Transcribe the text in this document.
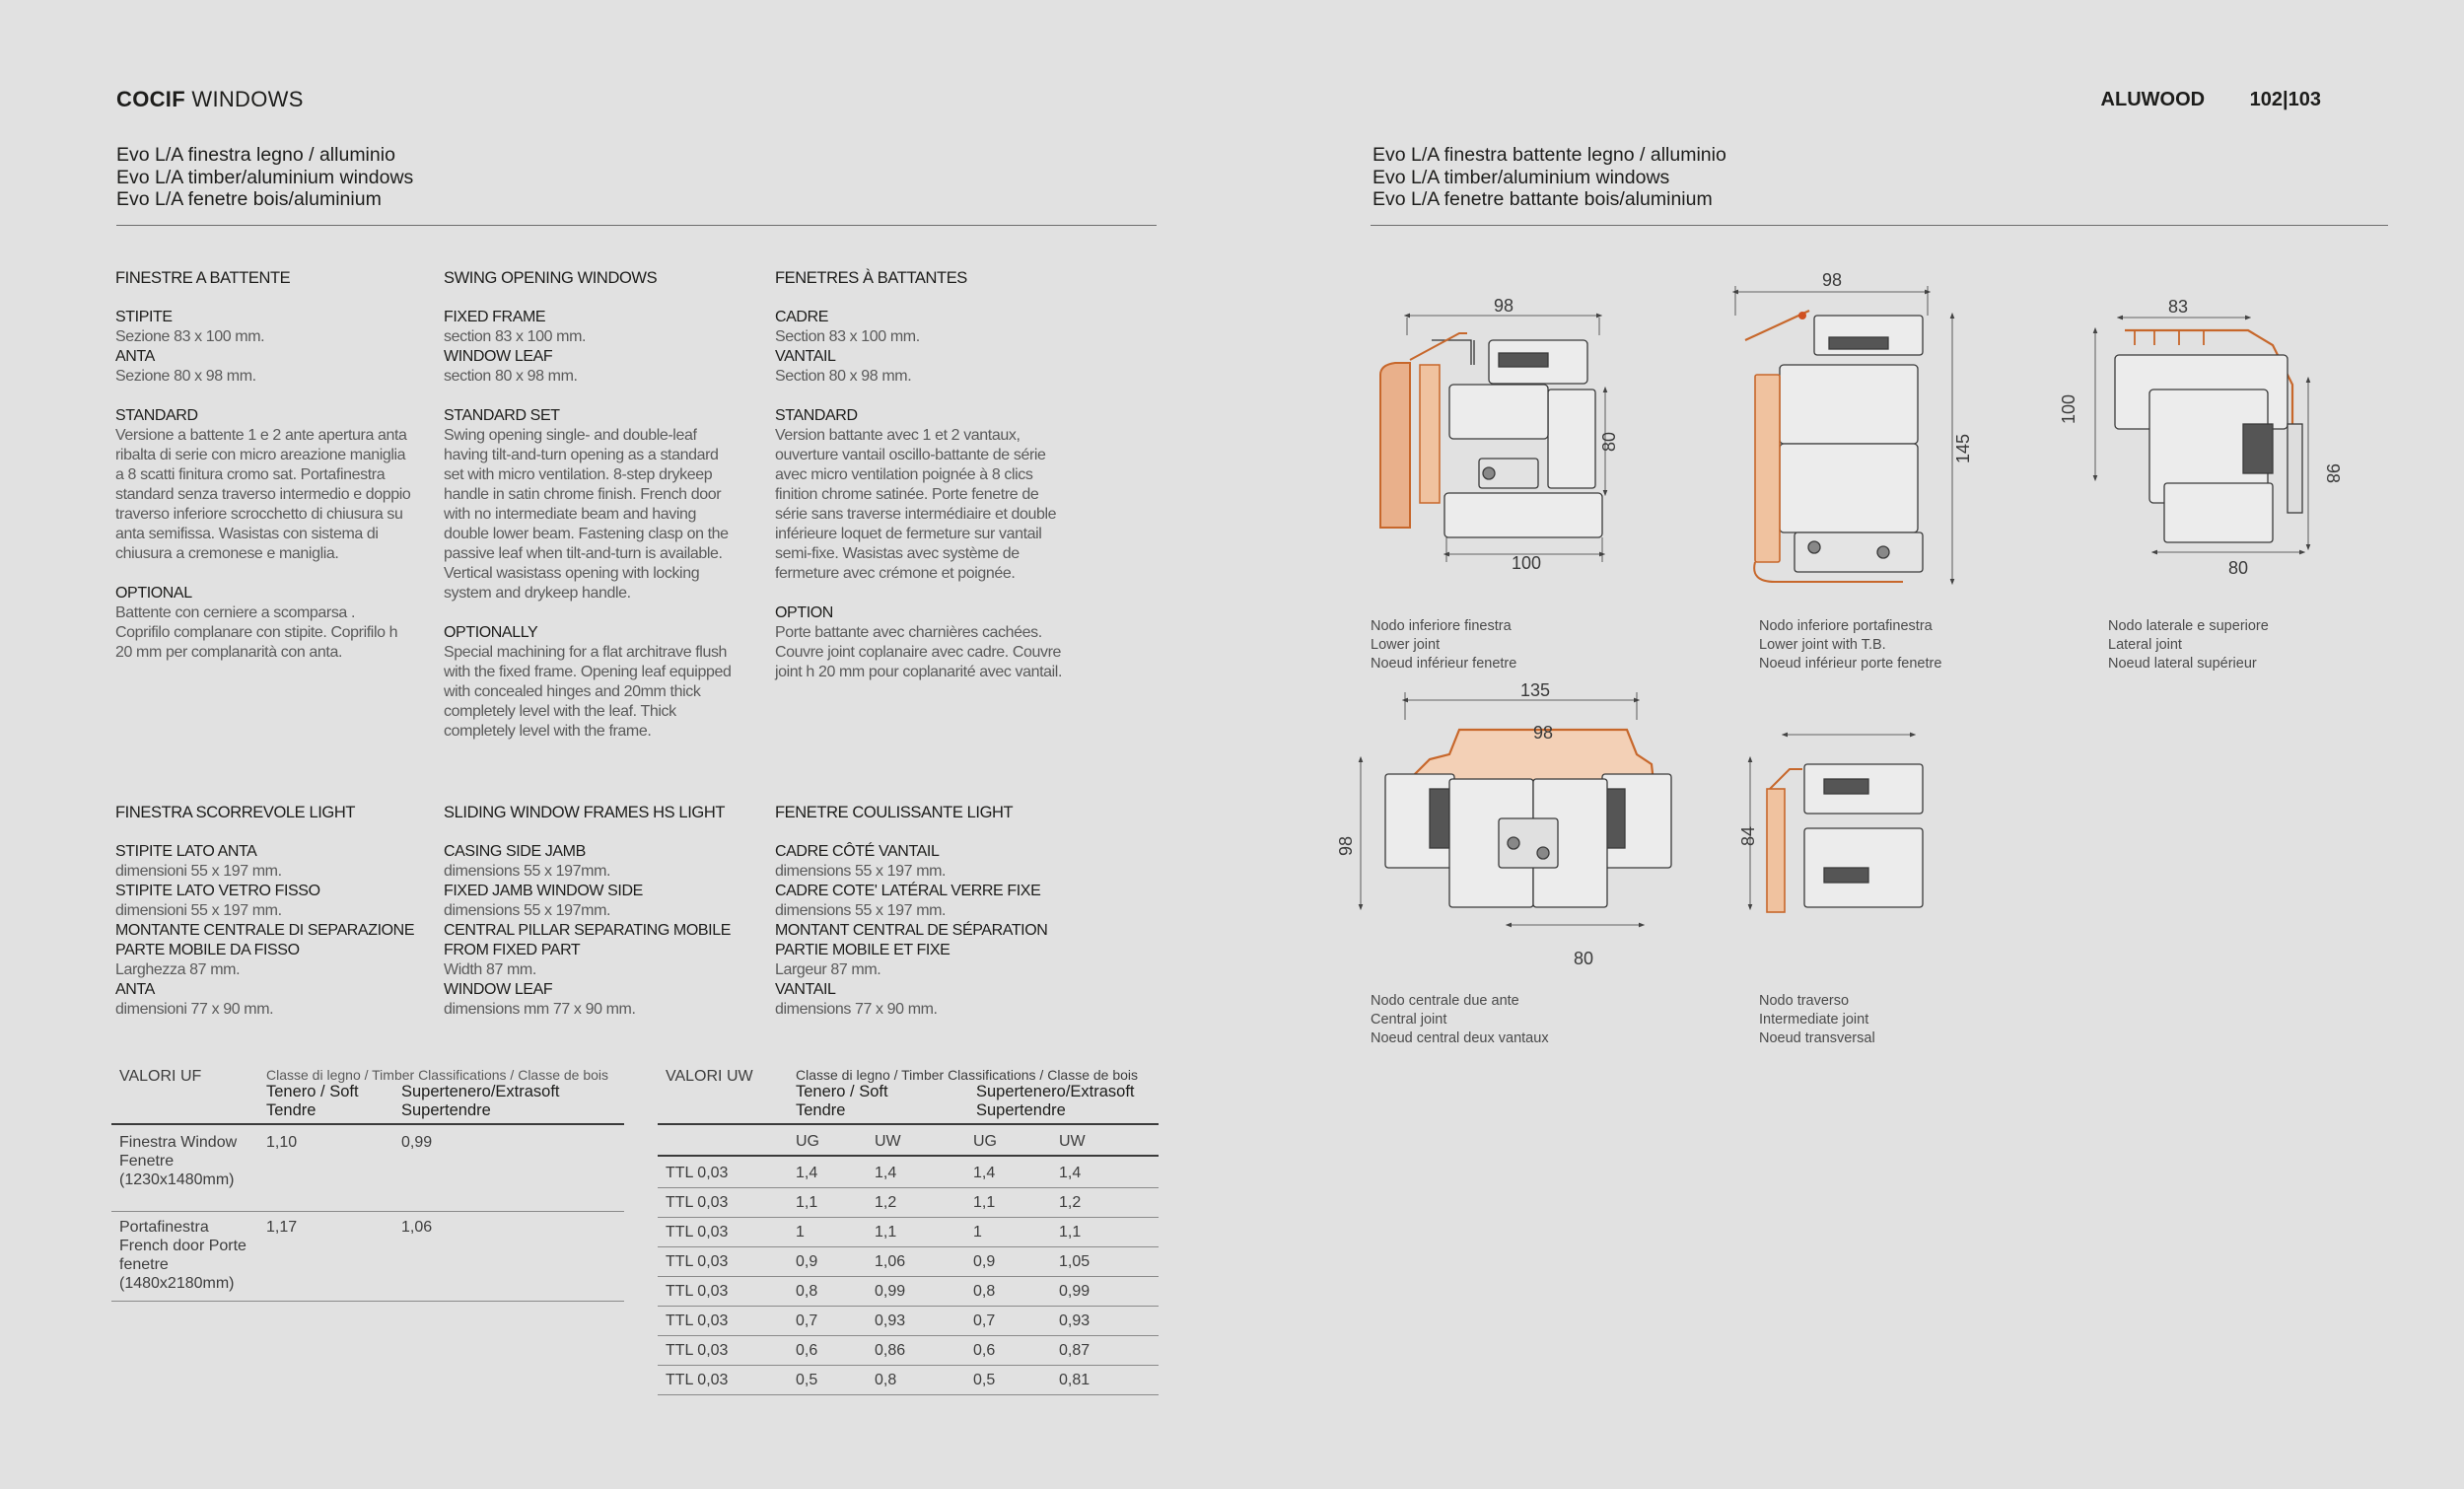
COCIF WINDOWS	ALUWOOD 102|103
Evo L/A finestra legno / alluminio
Evo L/A timber/aluminium windows
Evo L/A fenetre bois/aluminium
Evo L/A finestra battente legno / alluminio
Evo L/A timber/aluminium windows
Evo L/A fenetre battante bois/aluminium
FINESTRE A BATTENTE
STIPITE
Sezione 83 x 100 mm.
ANTA
Sezione 80 x 98 mm.
STANDARD
Versione a battente 1 e 2 ante apertura anta ribalta di serie con micro areazione maniglia a 8 scatti finitura cromo sat. Portafinestra standard senza traverso intermedio e doppio traverso inferiore scrocchetto di chiusura su anta semifissa. Wasistas con sistema di chiusura a cremonese e maniglia.
OPTIONAL
Battente con cerniere a scomparsa . Coprifilo complanare con stipite. Coprifilo h 20 mm per complanarità con anta.
SWING OPENING WINDOWS
FIXED FRAME
section 83 x 100 mm.
WINDOW LEAF
section 80 x 98 mm.
STANDARD SET
Swing opening single- and double-leaf having tilt-and-turn opening as a standard set with micro ventilation. 8-step drykeep handle in satin chrome finish. French door with no intermediate beam and having double lower beam. Fastening clasp on the passive leaf when tilt-and-turn is available. Vertical wasistass opening with locking system and drykeep handle.
OPTIONALLY
Special machining for a flat architrave flush with the fixed frame. Opening leaf equipped with concealed hinges and 20mm thick completely level with the leaf. Thick completely level with the frame.
FENETRES À BATTANTES
CADRE
Section 83 x 100 mm.
VANTAIL
Section 80 x 98 mm.
STANDARD
Version battante avec 1 et 2 vantaux, ouverture vantail oscillo-battante de série avec micro ventilation poignée à 8 clics finition chrome satinée. Porte fenetre de série sans traverse intermédiaire et double inférieure loquet de fermeture sur vantail semi-fixe. Wasistas avec système de fermeture avec crémone et poignée.
OPTION
Porte battante avec charnières cachées. Couvre joint coplanaire avec cadre. Couvre joint h 20 mm pour coplanarité avec vantail.
FINESTRA SCORREVOLE LIGHT
STIPITE LATO ANTA
dimensioni 55 x 197 mm.
STIPITE LATO VETRO FISSO
dimensioni 55 x 197 mm.
MONTANTE CENTRALE DI SEPARAZIONE PARTE MOBILE DA FISSO
Larghezza 87 mm.
ANTA
dimensioni 77 x 90 mm.
SLIDING WINDOW FRAMES HS LIGHT
CASING SIDE JAMB
dimensions 55 x 197mm.
FIXED JAMB WINDOW SIDE
dimensions 55 x 197mm.
CENTRAL PILLAR SEPARATING MOBILE FROM FIXED PART
Width 87 mm.
WINDOW LEAF
dimensions mm 77 x 90 mm.
FENETRE COULISSANTE LIGHT
CADRE CÔTÉ VANTAIL
dimensions 55 x 197 mm.
CADRE COTE' LATÉRAL VERRE FIXE
dimensions 55 x 197 mm.
MONTANT CENTRAL DE SÉPARATION PARTIE MOBILE ET FIXE
Largeur 87 mm.
VANTAIL
dimensions 77 x 90 mm.
VALORI UF	Classe di legno / Timber Classifications / Classe de bois
Tenero / Soft Tendre
Supertenero/Extrasoft Supertendre
Finestra Window Fenetre (1230x1480mm)
1,10	0,99
Portafinestra French door Porte fenetre (1480x2180mm)
1,17	1,06
VALORI UW	Classe di legno / Timber Classifications / Classe de bois
Tenero / Soft Tendre
Supertenero/Extrasoft Supertendre
UG	UW	UG	UW
TTL 0,03	1,4	1,4	1,4	1,4
TTL 0,03	1,1	1,2	1,1	1,2
TTL 0,03	1	1,1	1	1,1
TTL 0,03	0,9	1,06	0,9	1,05
TTL 0,03	0,8	0,99	0,8	0,99
TTL 0,03	0,7	0,93	0,7	0,93
TTL 0,03	0,6	0,86	0,6	0,87
TTL 0,03	0,5	0,8	0,5	0,81
98
80
100
98
145
83
100
98
80
135
98
80
98
84
Nodo inferiore finestra
Lower joint
Noeud inférieur fenetre
Nodo inferiore portafinestra
Lower joint with T.B.
Noeud inférieur porte fenetre
Nodo laterale e superiore
Lateral joint
Noeud lateral supérieur
Nodo centrale due ante
Central joint
Noeud central deux vantaux
Nodo traverso
Intermediate joint
Noeud transversal
